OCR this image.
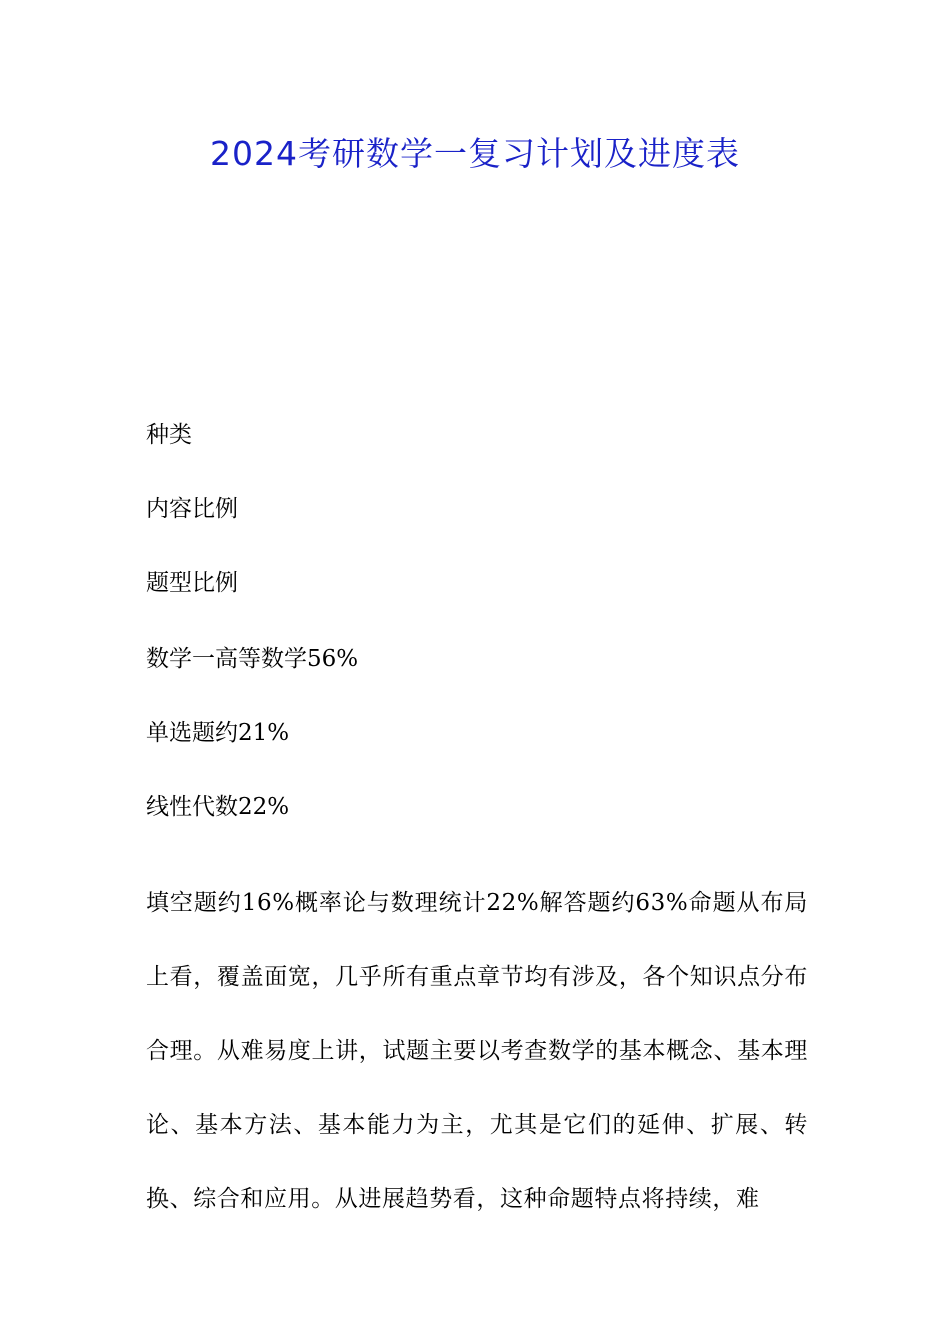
2024考研数学一复习计划及进度表

种类

内容比例

题型比例

数学一高等数学56%

单选题约21%

线性代数22%

填空题约16%概率论与数理统计22%解答题约63%命题从布局上看，覆盖面宽，几乎所有重点章节均有涉及，各个知识点分布合理。从难易度上讲，试题主要以考查数学的基本概念、基本理论、基本方法、基本能力为主，尤其是它们的延伸、扩展、转换、综合和应用。从进展趋势看，这种命题特点将持续，难
